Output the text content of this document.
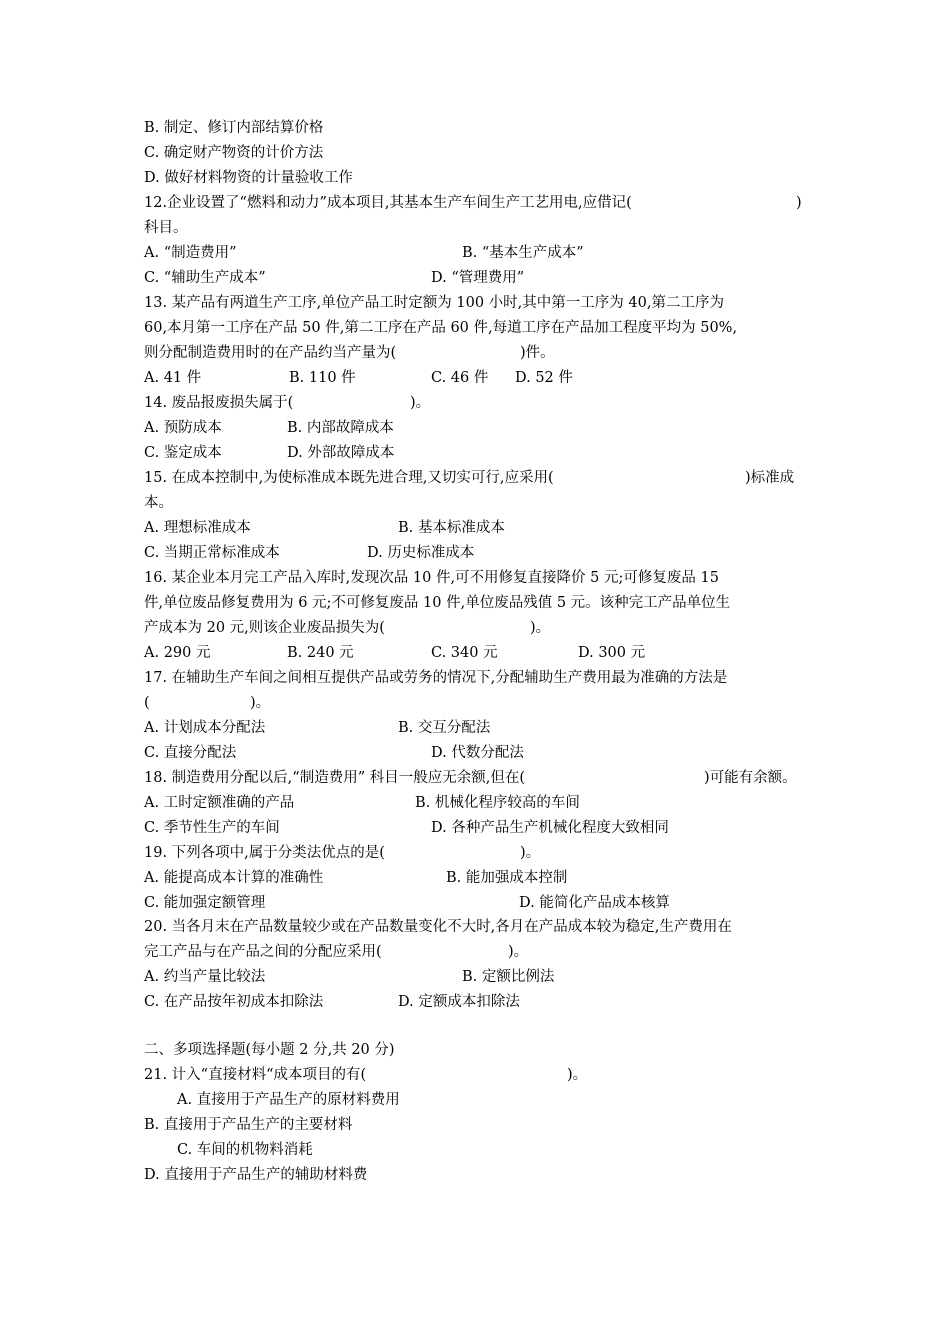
B. 制定、修订内部结算价格
C. 确定财产物资的计价方法
D. 做好材料物资的计量验收工作
12.企业设置了“燃料和动力”成本项目,其基本生产车间生产工艺用电,应借记(	)
科目。
A. “制造费用”	B. “基本生产成本”
C. “辅助生产成本”	D. “管理费用”
13. 某产品有两道生产工序,单位产品工时定额为 100 小时,其中第一工序为 40,第二工序为
60,本月第一工序在产品 50 件,第二工序在产品 60 件,每道工序在产品加工程度平均为 50%,
则分配制造费用时的在产品约当产量为(	)件。
A. 41 件	B. 110 件	C. 46 件 D. 52 件
14. 废品报废损失属于(	)。
A. 预防成本	B. 内部故障成本
C. 鉴定成本	D. 外部故障成本
15. 在成本控制中,为使标准成本既先进合理,又切实可行,应采用(	)标准成
本。
A. 理想标准成本	B. 基本标准成本
C. 当期正常标准成本	D. 历史标准成本
16. 某企业本月完工产品入库时,发现次品 10 件,可不用修复直接降价 5 元;可修复废品 15
件,单位废品修复费用为 6 元;不可修复废品 10 件,单位废品残值 5 元。该种完工产品单位生
产成本为 20 元,则该企业废品损失为(	)。
A. 290 元	B. 240 元	C. 340 元	D. 300 元
17. 在辅助生产车间之间相互提供产品或劳务的情况下,分配辅助生产费用最为准确的方法是
(	)。
A. 计划成本分配法	B. 交互分配法
C. 直接分配法	D. 代数分配法
18. 制造费用分配以后,“制造费用” 科目一般应无余额,但在(	)可能有余额。
A. 工时定额准确的产品	B. 机械化程序较高的车间
C. 季节性生产的车间	D. 各种产品生产机械化程度大致相同
19. 下列各项中,属于分类法优点的是(	)。
A. 能提高成本计算的准确性	B. 能加强成本控制
C. 能加强定额管理	D. 能简化产品成本核算
20. 当各月末在产品数量较少或在产品数量变化不大时,各月在产品成本较为稳定,生产费用在
完工产品与在产品之间的分配应采用(	)。
A. 约当产量比较法	B. 定额比例法
C. 在产品按年初成本扣除法	D. 定额成本扣除法
二、多项选择题(每小题 2 分,共 20 分)
21. 计入“直接材料“成本项目的有(	)。
A. 直接用于产品生产的原材料费用
B. 直接用于产品生产的主要材料
C. 车间的机物料消耗
D. 直接用于产品生产的辅助材料费
